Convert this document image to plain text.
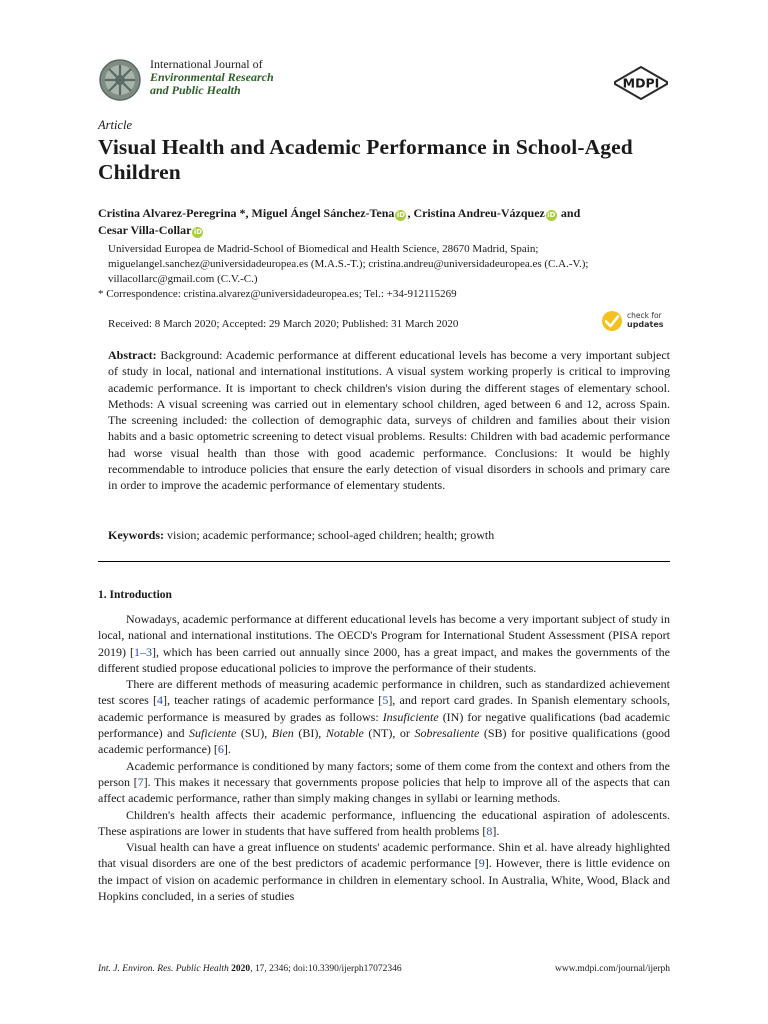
International Journal of
Environmental Research
and Public Health	MDPI
Article
Visual Health and Academic Performance in School-Aged Children
Cristina Alvarez-Peregrina *, Miguel Ángel Sánchez-Tena iD , Cristina Andreu-Vázquez iD and
Cesar Villa-Collar iD
Universidad Europea de Madrid-School of Biomedical and Health Science, 28670 Madrid, Spain;
miguelangel.sanchez@universidadeuropea.es (M.A.S.-T.); cristina.andreu@universidadeuropea.es (C.A.-V.);
villacollarc@gmail.com (C.V.-C.)
* Correspondence: cristina.alvarez@universidadeuropea.es; Tel.: +34-912115269
Received: 8 March 2020; Accepted: 29 March 2020; Published: 31 March 2020
check for
updates
Abstract: Background: Academic performance at different educational levels has become a very important subject of study in local, national and international institutions. A visual system working properly is critical to improving academic performance. It is important to check children's vision during the different stages of elementary school. Methods: A visual screening was carried out in elementary school children, aged between 6 and 12, across Spain. The screening included: the collection of demographic data, surveys of children and families about their vision habits and a basic optometric screening to detect visual problems. Results: Children with bad academic performance had worse visual health than those with good academic performance. Conclusions: It would be highly recommendable to introduce policies that ensure the early detection of visual disorders in schools and primary care in order to improve the academic performance of elementary students.
Keywords: vision; academic performance; school-aged children; health; growth
1. Introduction

Nowadays, academic performance at different educational levels has become a very important subject of study in local, national and international institutions. The OECD's Program for International Student Assessment (PISA report 2019) [1–3], which has been carried out annually since 2000, has a great impact, and makes the governments of the different studied propose educational policies to improve the performance of their students.

There are different methods of measuring academic performance in children, such as standardized achievement test scores [4], teacher ratings of academic performance [5], and report card grades. In Spanish elementary schools, academic performance is measured by grades as follows: Insuficiente (IN) for negative qualifications (bad academic performance) and Suficiente (SU), Bien (BI), Notable (NT), or Sobresaliente (SB) for positive qualifications (good academic performance) [6].

Academic performance is conditioned by many factors; some of them come from the context and others from the person [7]. This makes it necessary that governments propose policies that help to improve all of the aspects that can affect academic performance, rather than simply making changes in syllabi or learning methods.

Children's health affects their academic performance, influencing the educational aspiration of adolescents. These aspirations are lower in students that have suffered from health problems [8].

Visual health can have a great influence on students' academic performance. Shin et al. have already highlighted that visual disorders are one of the best predictors of academic performance [9]. However, there is little evidence on the impact of vision on academic performance in children in elementary school. In Australia, White, Wood, Black and Hopkins concluded, in a series of studies

Int. J. Environ. Res. Public Health 2020, 17, 2346; doi:10.3390/ijerph17072346	www.mdpi.com/journal/ijerph
